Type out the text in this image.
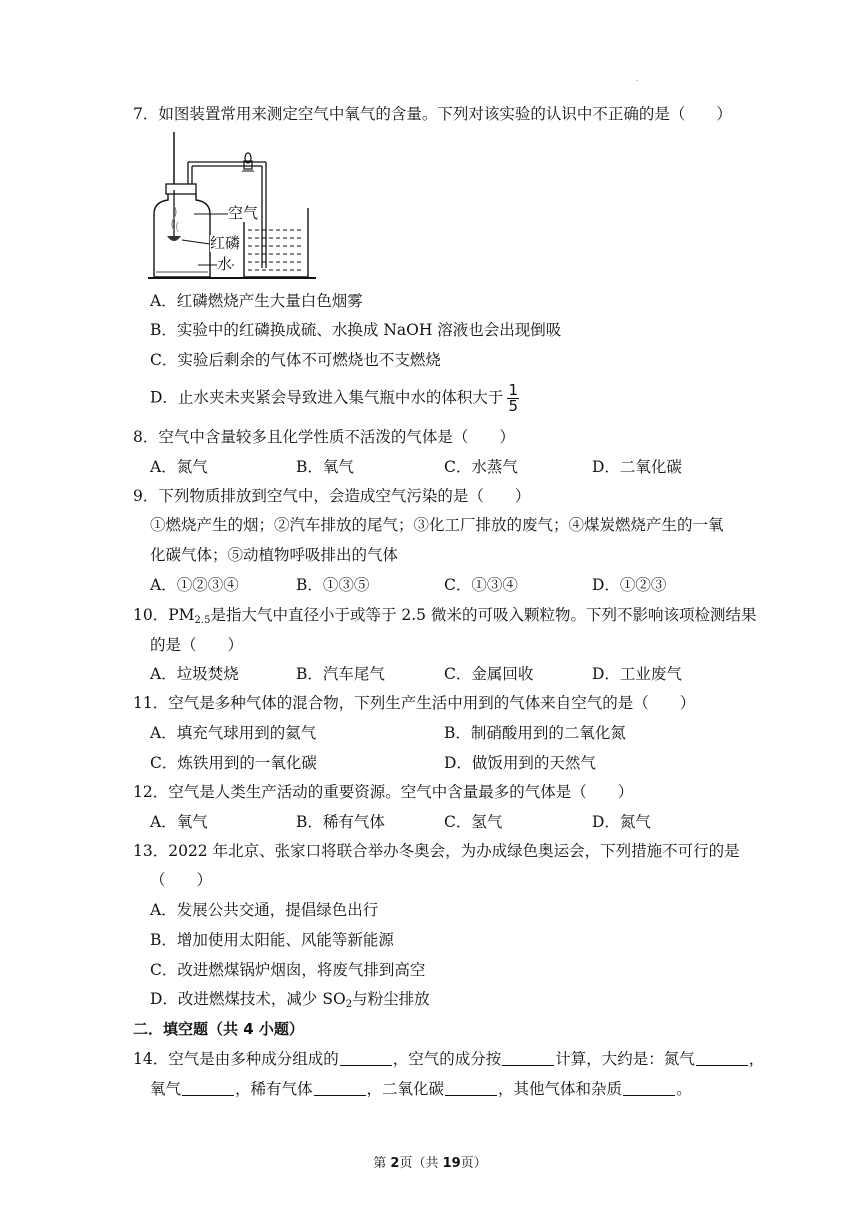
.
7．如图装置常用来测定空气中氧气的含量。下列对该实验的认识中不正确的是（　　）
空气
红磷
水
A．红磷燃烧产生大量白色烟雾
B．实验中的红磷换成硫、水换成 NaOH 溶液也会出现倒吸
C．实验后剩余的气体不可燃烧也不支燃烧
D．止水夹未夹紧会导致进入集气瓶中水的体积大于 $\frac{1}{5}$
8．空气中含量较多且化学性质不活泼的气体是（　　）
A．氮气	B．氧气	C．水蒸气	D．二氧化碳
9．下列物质排放到空气中，会造成空气污染的是（　　）
①燃烧产生的烟；②汽车排放的尾气；③化工厂排放的废气；④煤炭燃烧产生的一氧
化碳气体；⑤动植物呼吸排出的气体
A．①②③④	B．①③⑤	C．①③④	D．①②③
10．$PM_{2.5}$是指大气中直径小于或等于 2.5 微米的可吸入颗粒物。下列不影响该项检测结果
的是（　　）
A．垃圾焚烧	B．汽车尾气	C．金属回收	D．工业废气
11．空气是多种气体的混合物，下列生产生活中用到的气体来自空气的是（　　）
A．填充气球用到的氦气	B．制硝酸用到的二氧化氮
C．炼铁用到的一氧化碳	D．做饭用到的天然气
12．空气是人类生产活动的重要资源。空气中含量最多的气体是（　　）
A．氧气	B．稀有气体	C．氢气	D．氮气
13．2022 年北京、张家口将联合举办冬奥会，为办成绿色奥运会，下列措施不可行的是
（　　）
A．发展公共交通，提倡绿色出行
B．增加使用太阳能、风能等新能源
C．改进燃煤锅炉烟囱，将废气排到高空
D．改进燃煤技术，减少 $SO_2$与粉尘排放
二．填空题（共 4 小题）
14．空气是由多种成分组成的	，空气的成分按	计算，大约是：氮气	，
氧气	，稀有气体	，二氧化碳	，其他气体和杂质	。
第 2页（共 19页）
